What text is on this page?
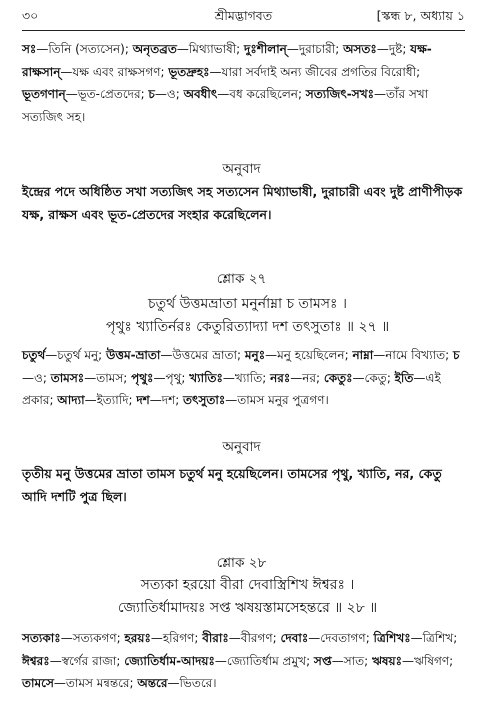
৩০	শ্রীমদ্ভাগবত	[স্কন্ধ ৮, অধ্যায় ১
সঃ—তিনি (সত্যসেন); অনৃতব্রত—মিথ্যাভাষী; দুঃশীলান্—দুরাচারী; অসতঃ—দুষ্ট; যক্ষ-রাক্ষসান্—যক্ষ এবং রাক্ষসগণ; ভূতদ্রুহঃ—যারা সর্বদাই অন্য জীবের প্রগতির বিরোধী; ভূতগণান্—ভূত-প্রেতদের; চ—ও; অবধীৎ—বধ করেছিলেন; সত্যজিৎ-সখঃ—তাঁর সখা সত্যজিৎ সহ।
অনুবাদ
ইন্দ্রের পদে অধিষ্ঠিত সখা সত্যজিৎ সহ সত্যসেন মিথ্যাভাষী, দুরাচারী এবং দুষ্ট প্রাণীপীড়ক যক্ষ, রাক্ষস এবং ভূত-প্রেতদের সংহার করেছিলেন।
শ্লোক ২৭
চতুর্থ উত্তমভ্রাতা মনুর্নাম্না চ তামসঃ ।
পৃথুঃ খ্যাতির্নরঃ কেতুরিত্যাদ্যা দশ তৎসুতাঃ ॥ ২৭ ॥
চতুর্থ—চতুর্থ মনু; উত্তম-ভ্রাতা—উত্তমের ভ্রাতা; মনুঃ—মনু হয়েছিলেন; নাম্না—নামে বিখ্যাত; চ—ও; তামসঃ—তামস; পৃথুঃ—পৃথু; খ্যাতিঃ—খ্যাতি; নরঃ—নর; কেতুঃ—কেতু; ইতি—এই প্রকার; আদ্যা—ইত্যাদি; দশ—দশ; তৎসুতাঃ—তামস মনুর পুত্রগণ।
অনুবাদ
তৃতীয় মনু উত্তমের ভ্রাতা তামস চতুর্থ মনু হয়েছিলেন। তামসের পৃথু, খ্যাতি, নর, কেতু আদি দশটি পুত্র ছিল।
শ্লোক ২৮
সত্যকা হরয়ো বীরা দেবাস্ত্রিশিখ ঈশ্বরঃ ।
জ্যোতির্ধামাদয়ঃ সপ্ত ঋষয়স্তামসেহন্তরে ॥ ২৮ ॥
সত্যকাঃ—সত্যকগণ; হরয়ঃ—হরিগণ; বীরাঃ—বীরগণ; দেবাঃ—দেবতাগণ; ত্রিশিখঃ—ত্রিশিখ; ঈশ্বরঃ—স্বর্গের রাজা; জ্যোতির্ধাম-আদয়ঃ—জ্যোতির্ধাম প্রমুখ; সপ্ত—সাত; ঋষয়ঃ—ঋষিগণ; তামসে—তামস মন্বন্তরে; অন্তরে—ভিতরে।
